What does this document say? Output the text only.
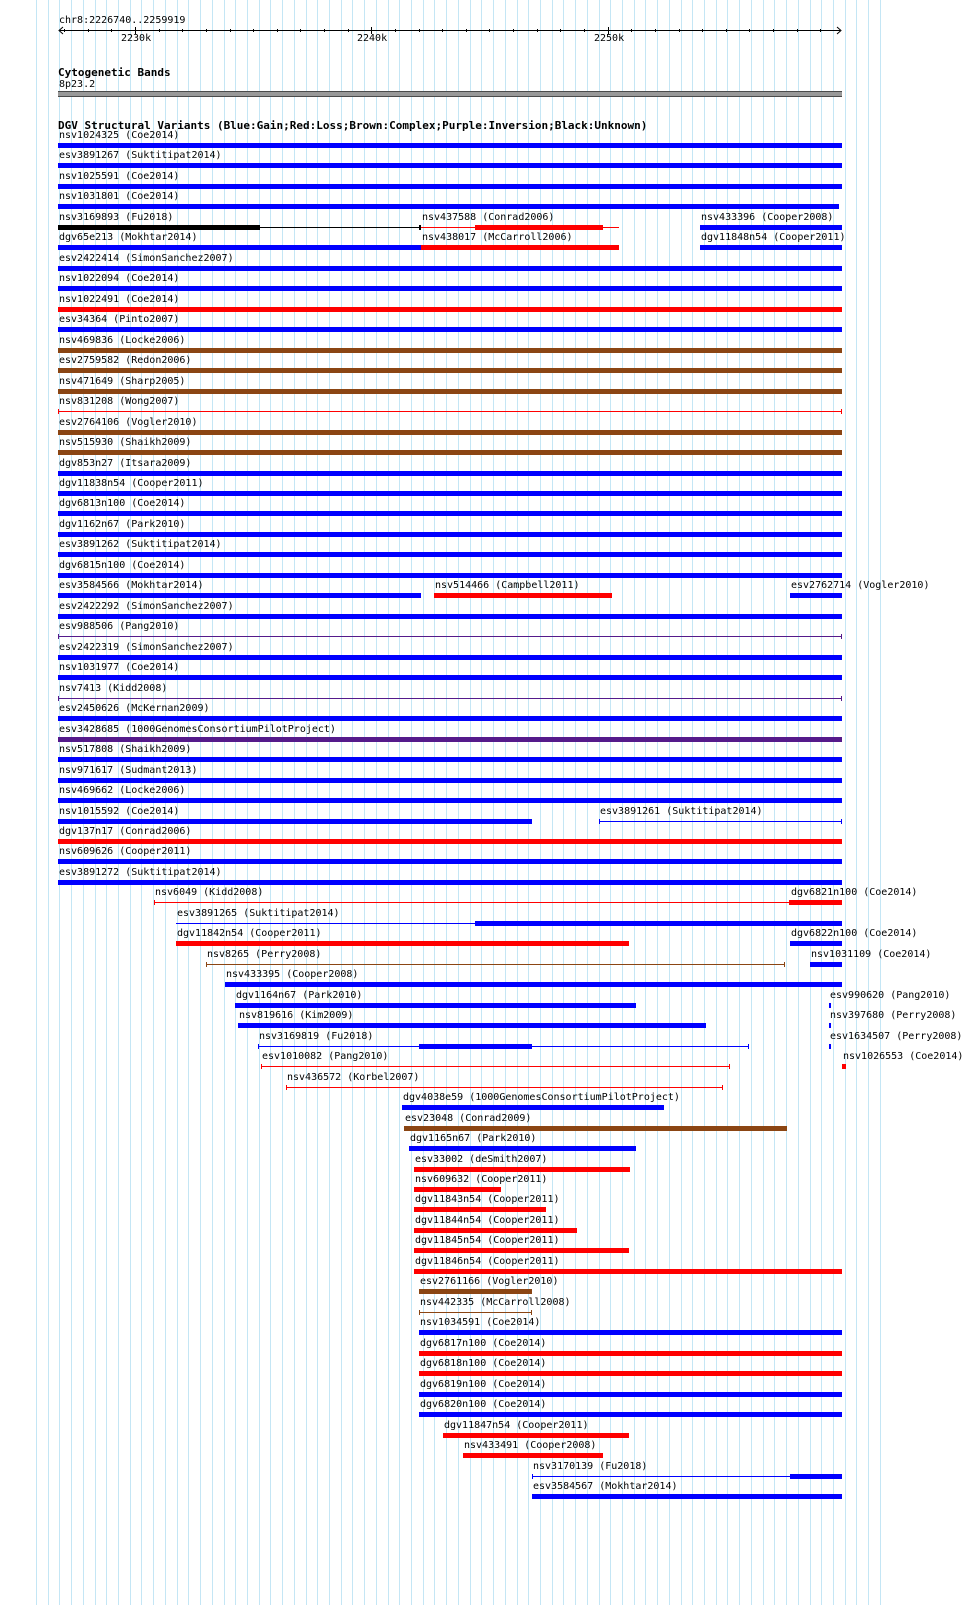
chr8:2226740..2259919
2230k	2240k	2250k
Cytogenetic Bands
8p23.2
DGV Structural Variants (Blue:Gain;Red:Loss;Brown:Complex;Purple:Inversion;Black:Unknown)
nsv1024325 (Coe2014)
esv3891267 (Suktitipat2014)
nsv1025591 (Coe2014)
nsv1031801 (Coe2014)
nsv3169893 (Fu2018)	nsv437588 (Conrad2006)	nsv433396 (Cooper2008)
dgv65e213 (Mokhtar2014)	nsv438017 (McCarroll2006)	dgv11848n54 (Cooper2011)
esv2422414 (SimonSanchez2007)
nsv1022094 (Coe2014)
nsv1022491 (Coe2014)
esv34364 (Pinto2007)
nsv469836 (Locke2006)
esv2759582 (Redon2006)
nsv471649 (Sharp2005)
nsv831208 (Wong2007)
esv2764106 (Vogler2010)
nsv515930 (Shaikh2009)
dgv853n27 (Itsara2009)
dgv11838n54 (Cooper2011)
dgv6813n100 (Coe2014)
dgv1162n67 (Park2010)
esv3891262 (Suktitipat2014)
dgv6815n100 (Coe2014)
esv3584566 (Mokhtar2014)	nsv514466 (Campbell2011)	esv2762714 (Vogler2010)
esv2422292 (SimonSanchez2007)
esv988506 (Pang2010)
esv2422319 (SimonSanchez2007)
nsv1031977 (Coe2014)
nsv7413 (Kidd2008)
esv2450626 (McKernan2009)
esv3428685 (1000GenomesConsortiumPilotProject)
nsv517808 (Shaikh2009)
nsv971617 (Sudmant2013)
nsv469662 (Locke2006)
nsv1015592 (Coe2014)	esv3891261 (Suktitipat2014)
dgv137n17 (Conrad2006)
nsv609626 (Cooper2011)
esv3891272 (Suktitipat2014)
nsv6049 (Kidd2008)	dgv6821n100 (Coe2014)
esv3891265 (Suktitipat2014)
dgv11842n54 (Cooper2011)	dgv6822n100 (Coe2014)
nsv8265 (Perry2008)	nsv1031109 (Coe2014)
nsv433395 (Cooper2008)
dgv1164n67 (Park2010)	esv990620 (Pang2010)
nsv819616 (Kim2009)	nsv397680 (Perry2008)
nsv3169819 (Fu2018)	esv1634507 (Perry2008)
esv1010082 (Pang2010)	nsv1026553 (Coe2014)
nsv436572 (Korbel2007)
dgv4038e59 (1000GenomesConsortiumPilotProject)
esv23048 (Conrad2009)
dgv1165n67 (Park2010)
esv33002 (deSmith2007)
nsv609632 (Cooper2011)
dgv11843n54 (Cooper2011)
dgv11844n54 (Cooper2011)
dgv11845n54 (Cooper2011)
dgv11846n54 (Cooper2011)
esv2761166 (Vogler2010)
nsv442335 (McCarroll2008)
nsv1034591 (Coe2014)
dgv6817n100 (Coe2014)
dgv6818n100 (Coe2014)
dgv6819n100 (Coe2014)
dgv6820n100 (Coe2014)
dgv11847n54 (Cooper2011)
nsv433491 (Cooper2008)
nsv3170139 (Fu2018)
esv3584567 (Mokhtar2014)
